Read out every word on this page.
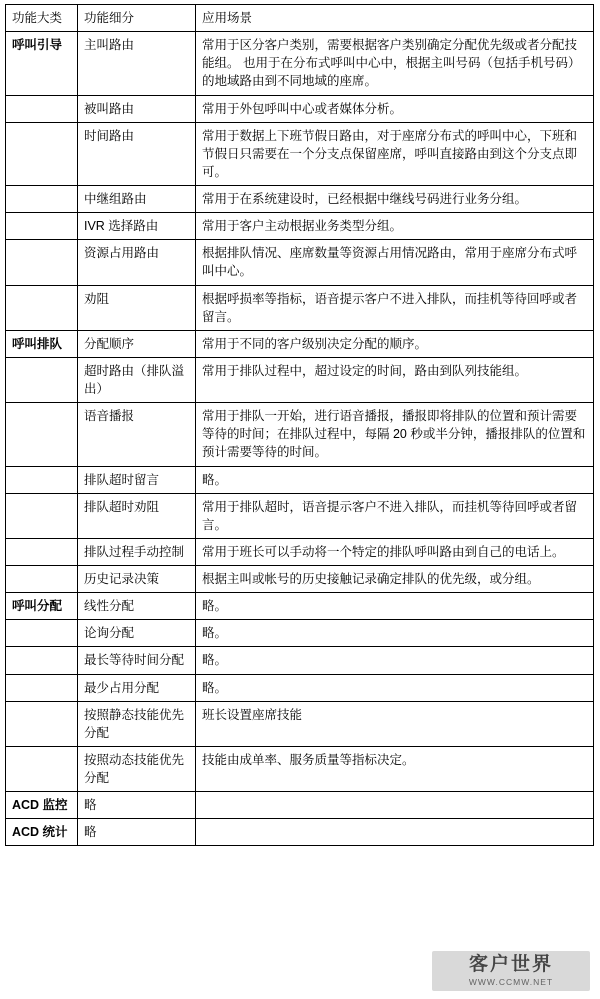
功能大类	功能细分	应用场景
呼叫引导	主叫路由	常用于区分客户类别，需要根据客户类别确定分配优先级或者分配技能组。 也用于在分布式呼叫中心中，根据主叫号码（包括手机号码）的地域路由到不同地域的座席。
	被叫路由	常用于外包呼叫中心或者媒体分析。
	时间路由	常用于数据上下班节假日路由，对于座席分布式的呼叫中心，下班和节假日只需要在一个分支点保留座席，呼叫直接路由到这个分支点即可。
	中继组路由	常用于在系统建设时，已经根据中继线号码进行业务分组。
	IVR 选择路由	常用于客户主动根据业务类型分组。
	资源占用路由	根据排队情况、座席数量等资源占用情况路由，常用于座席分布式呼叫中心。
	劝阻	根据呼损率等指标，语音提示客户不进入排队，而挂机等待回呼或者留言。
呼叫排队	分配顺序	常用于不同的客户级别决定分配的顺序。
	超时路由（排队溢出）	常用于排队过程中，超过设定的时间，路由到队列技能组。
	语音播报	常用于排队一开始，进行语音播报，播报即将排队的位置和预计需要等待的时间；在排队过程中，每隔 20 秒或半分钟，播报排队的位置和预计需要等待的时间。
	排队超时留言	略。
	排队超时劝阻	常用于排队超时，语音提示客户不进入排队，而挂机等待回呼或者留言。
	排队过程手动控制	常用于班长可以手动将一个特定的排队呼叫路由到自己的电话上。
	历史记录决策	根据主叫或帐号的历史接触记录确定排队的优先级，或分组。
呼叫分配	线性分配	略。
	论询分配	略。
	最长等待时间分配	略。
	最少占用分配	略。
	按照静态技能优先分配	班长设置座席技能
	按照动态技能优先分配	技能由成单率、服务质量等指标决定。
ACD 监控	略	
ACD 统计	略	
客户世界
WWW.CCMW.NET
